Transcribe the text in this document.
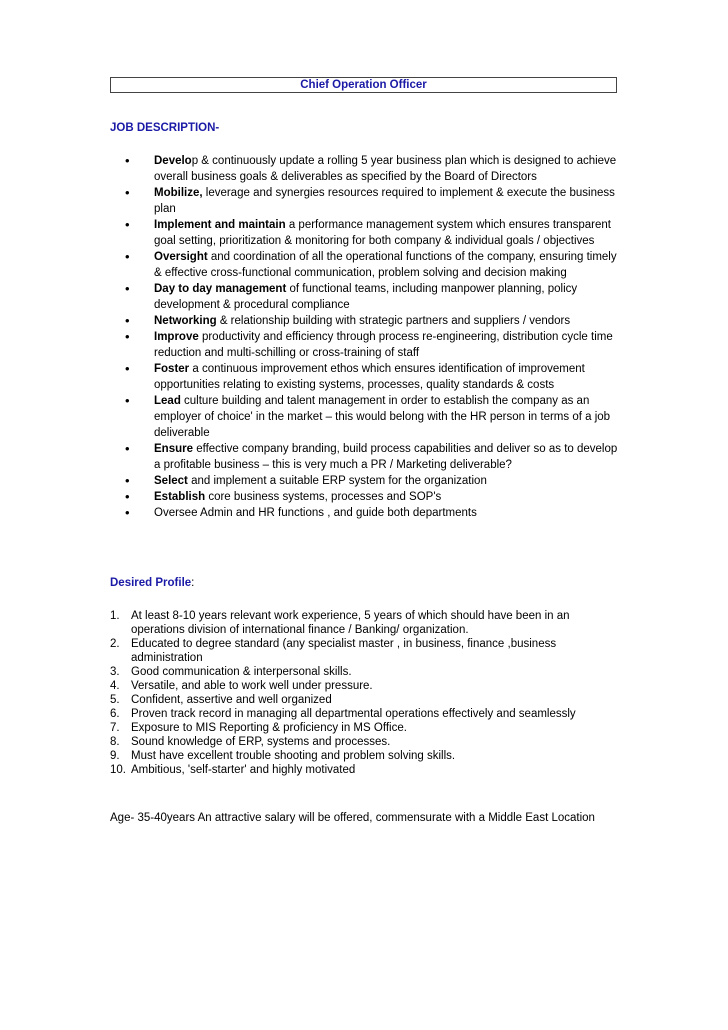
Chief Operation Officer
JOB DESCRIPTION-
• Develop & continuously update a rolling 5 year business plan which is designed to achieve overall business goals & deliverables as specified by the Board of Directors
• Mobilize, leverage and synergies resources required to implement & execute the business plan
• Implement and maintain a performance management system which ensures transparent goal setting, prioritization & monitoring for both company & individual goals / objectives
• Oversight and coordination of all the operational functions of the company, ensuring timely & effective cross-functional communication, problem solving and decision making
• Day to day management of functional teams, including manpower planning, policy development & procedural compliance
• Networking & relationship building with strategic partners and suppliers / vendors
• Improve productivity and efficiency through process re-engineering, distribution cycle time reduction and multi-schilling or cross-training of staff
• Foster a continuous improvement ethos which ensures identification of improvement opportunities relating to existing systems, processes, quality standards & costs
• Lead culture building and talent management in order to establish the company as an employer of choice' in the market – this would belong with the HR person in terms of a job deliverable
• Ensure effective company branding, build process capabilities and deliver so as to develop a profitable business – this is very much a PR / Marketing deliverable?
• Select and implement a suitable ERP system for the organization
• Establish core business systems, processes and SOP's
• Oversee Admin and HR functions , and guide both departments
Desired Profile:
1. At least 8-10 years relevant work experience, 5 years of which should have been in an operations division of international finance / Banking/ organization.
2. Educated to degree standard (any specialist master , in business, finance ,business administration
3. Good communication & interpersonal skills.
4. Versatile, and able to work well under pressure.
5. Confident, assertive and well organized
6. Proven track record in managing all departmental operations effectively and seamlessly
7. Exposure to MIS Reporting & proficiency in MS Office.
8. Sound knowledge of ERP, systems and processes.
9. Must have excellent trouble shooting and problem solving skills.
10. Ambitious, 'self-starter' and highly motivated
Age- 35-40years An attractive salary will be offered, commensurate with a Middle East Location
